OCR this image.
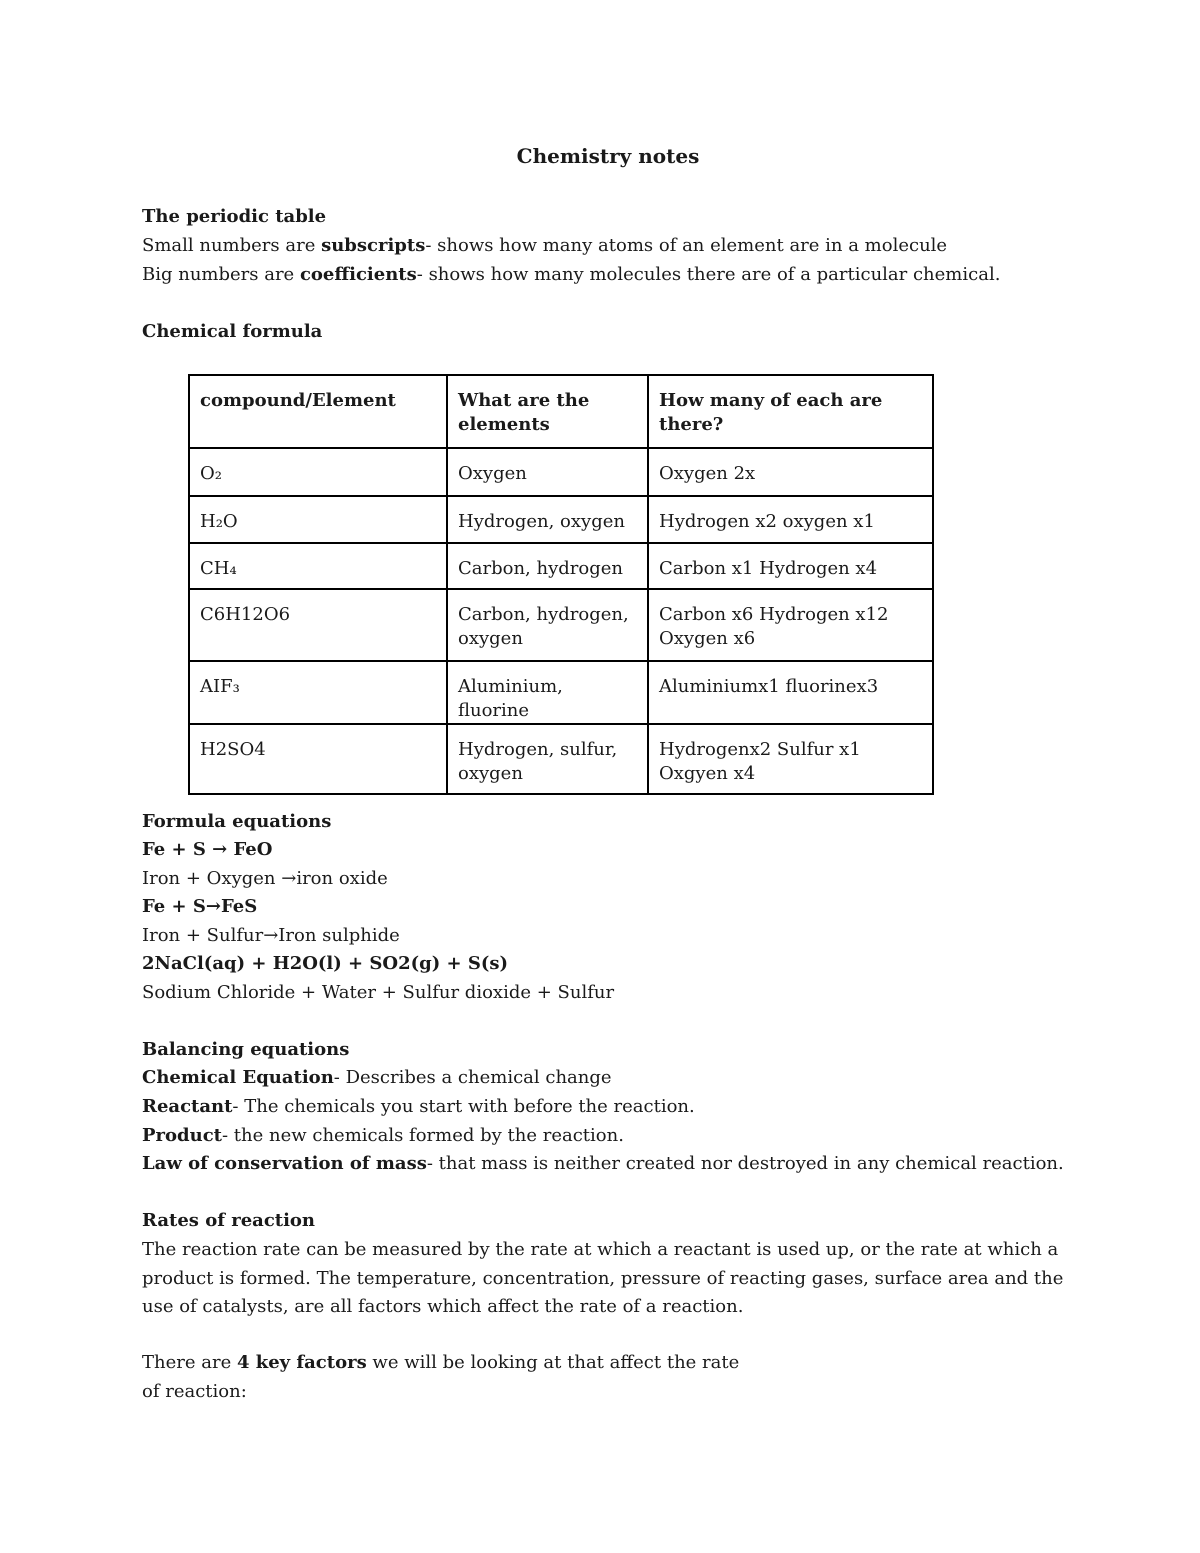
Chemistry notes
The periodic table
Small numbers are subscripts- shows how many atoms of an element are in a molecule
Big numbers are coefficients- shows how many molecules there are of a particular chemical.
Chemical formula
compound/Element	What are the elements	How many of each are there?
O₂	Oxygen	Oxygen 2x
H₂O	Hydrogen, oxygen	Hydrogen x2 oxygen x1
CH₄	Carbon, hydrogen	Carbon x1 Hydrogen x4
C6H12O6	Carbon, hydrogen, oxygen	Carbon x6 Hydrogen x12 Oxygen x6
AIF₃	Aluminium, fluorine	Aluminiumx1 fluorinex3
H2SO4	Hydrogen, sulfur, oxygen	Hydrogenx2 Sulfur x1 Oxgyen x4
Formula equations
Fe + S → FeO
Iron + Oxygen →iron oxide
Fe + S→FeS
Iron + Sulfur→Iron sulphide
2NaCl(aq) + H2O(l) + SO2(g) + S(s)
Sodium Chloride + Water + Sulfur dioxide + Sulfur
Balancing equations
Chemical Equation- Describes a chemical change
Reactant- The chemicals you start with before the reaction.
Product- the new chemicals formed by the reaction.
Law of conservation of mass- that mass is neither created nor destroyed in any chemical reaction.
Rates of reaction
The reaction rate can be measured by the rate at which a reactant is used up, or the rate at which a product is formed. The temperature, concentration, pressure of reacting gases, surface area and the use of catalysts, are all factors which affect the rate of a reaction.
There are 4 key factors we will be looking at that affect the rate
of reaction:
